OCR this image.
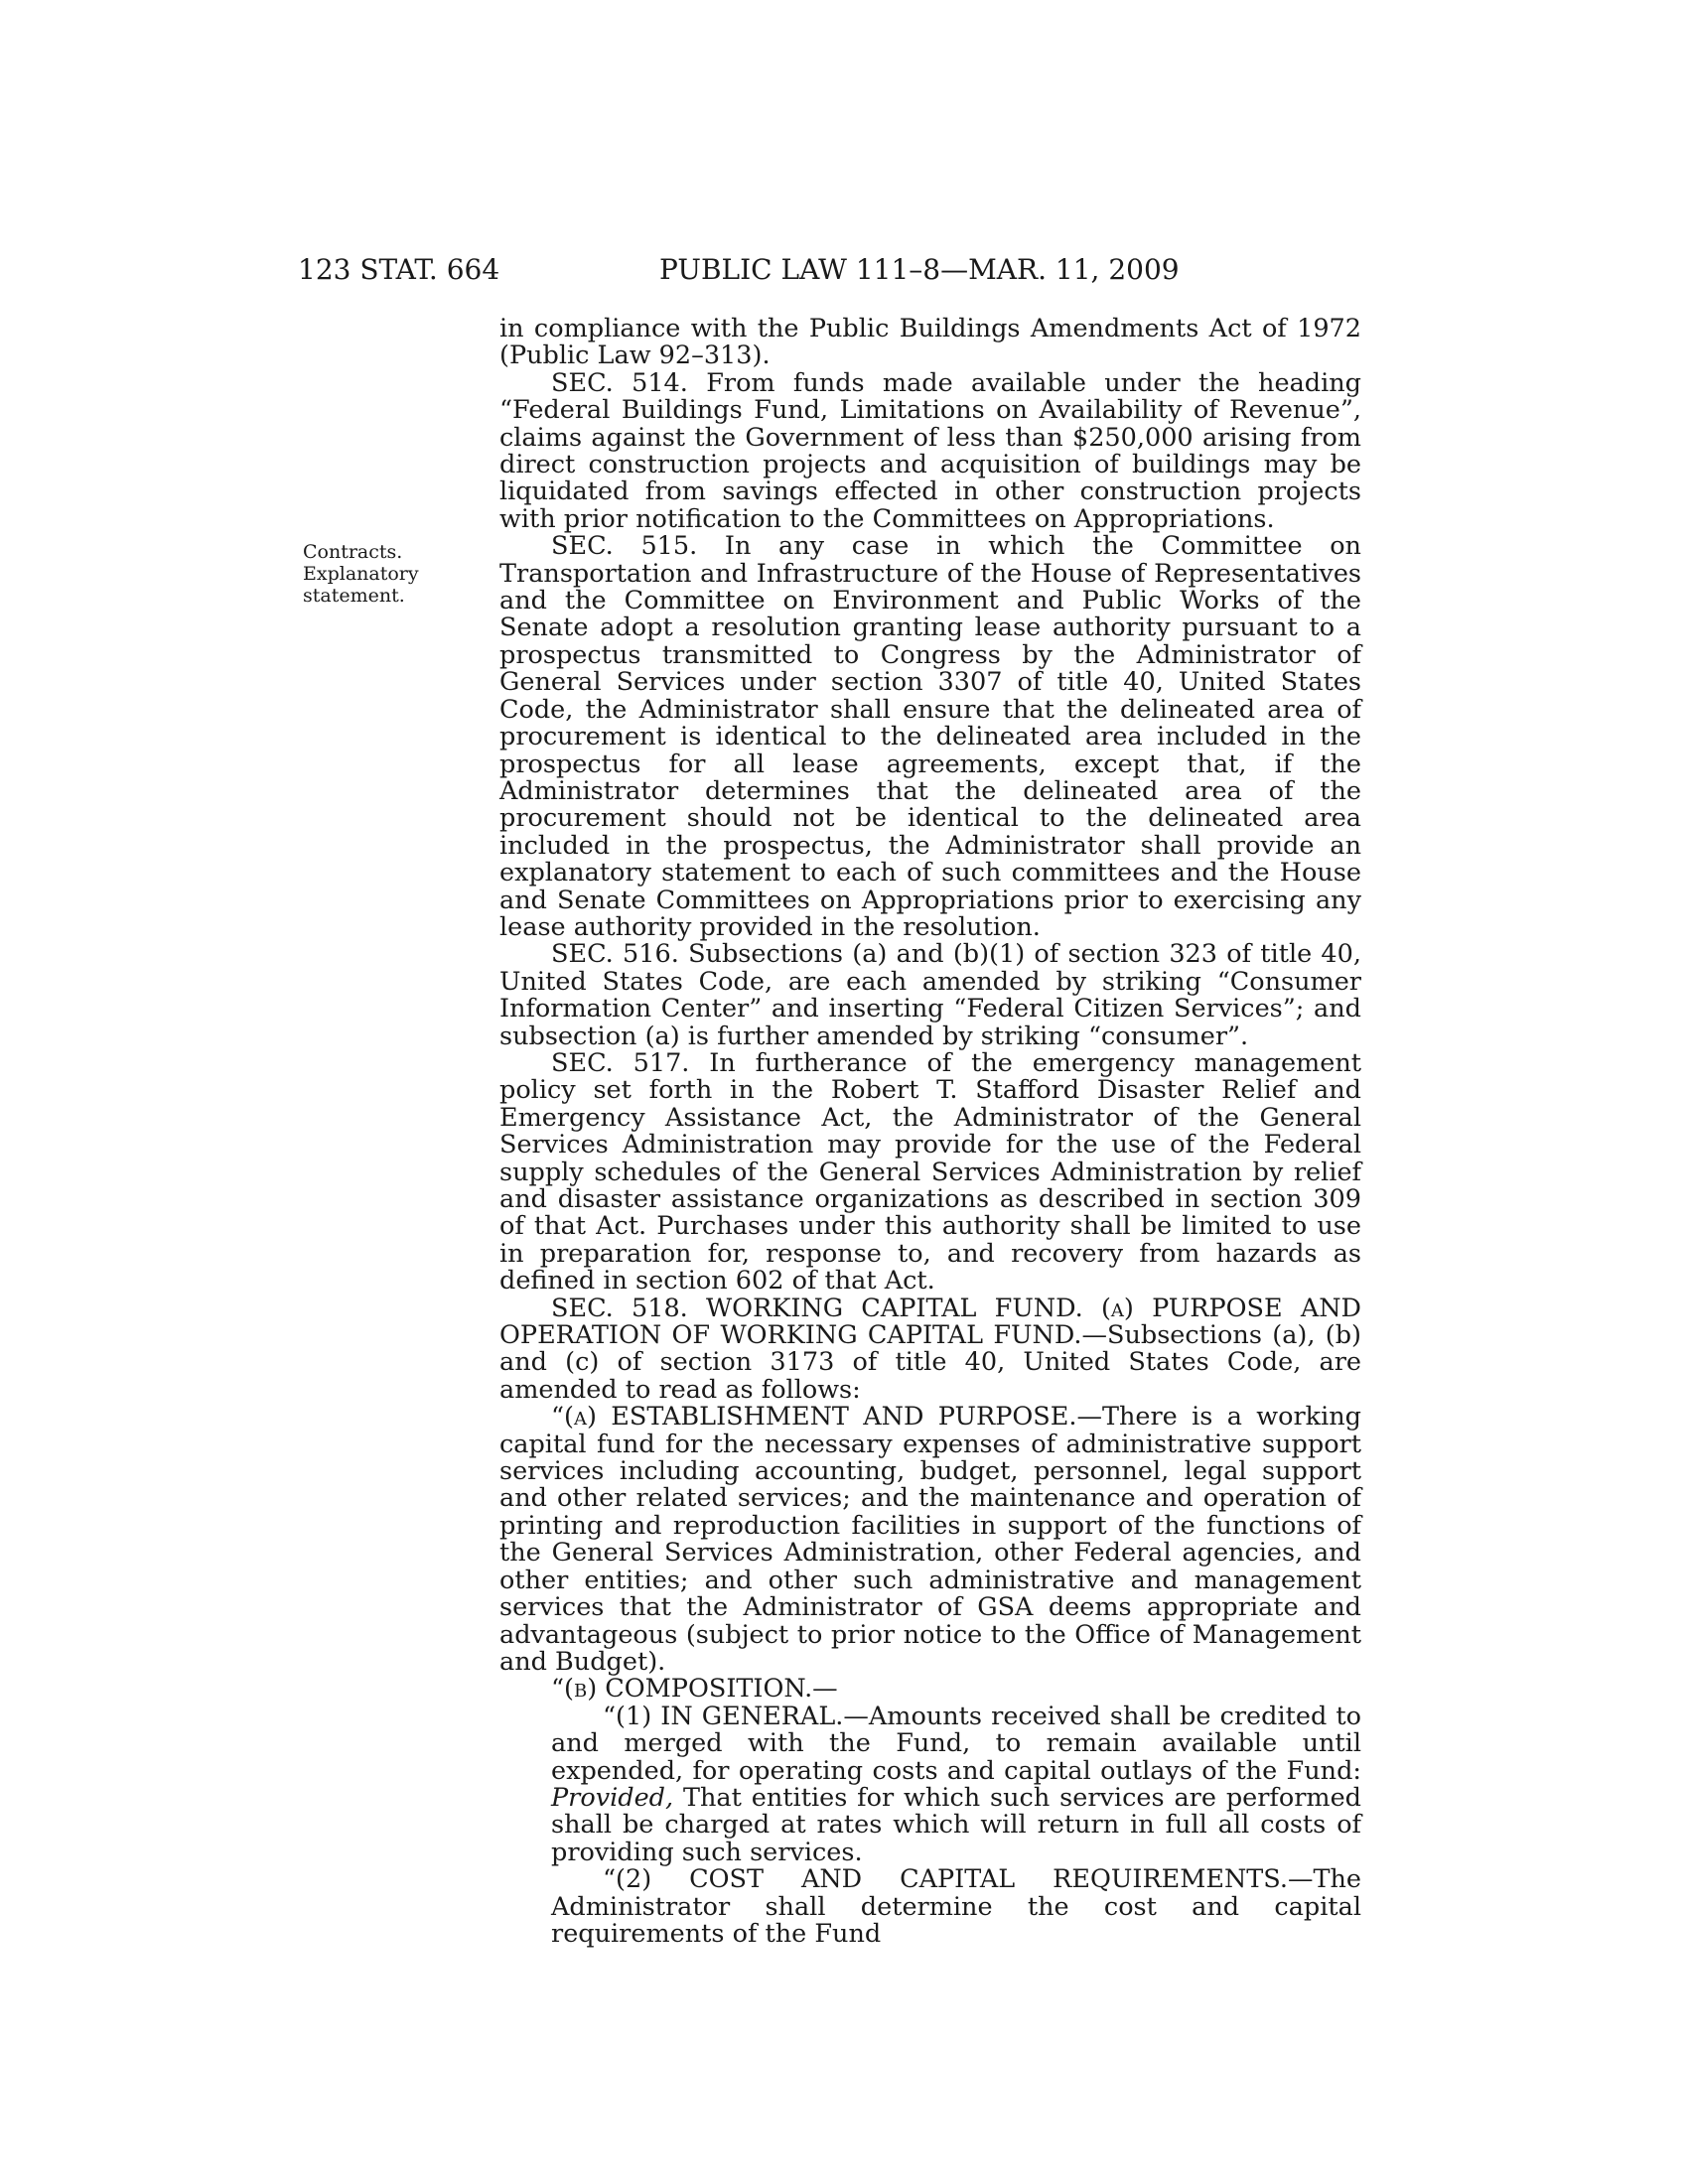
123 STAT. 664	PUBLIC LAW 111–8—MAR. 11, 2009
Contracts.
Explanatory
statement.

in compliance with the Public Buildings Amendments Act of 1972 (Public Law 92–313).

SEC. 514. From funds made available under the heading “Federal Buildings Fund, Limitations on Availability of Revenue”, claims against the Government of less than $250,000 arising from direct construction projects and acquisition of buildings may be liquidated from savings effected in other construction projects with prior notification to the Committees on Appropriations.

SEC. 515. In any case in which the Committee on Transportation and Infrastructure of the House of Representatives and the Committee on Environment and Public Works of the Senate adopt a resolution granting lease authority pursuant to a prospectus transmitted to Congress by the Administrator of General Services under section 3307 of title 40, United States Code, the Administrator shall ensure that the delineated area of procurement is identical to the delineated area included in the prospectus for all lease agreements, except that, if the Administrator determines that the delineated area of the procurement should not be identical to the delineated area included in the prospectus, the Administrator shall provide an explanatory statement to each of such committees and the House and Senate Committees on Appropriations prior to exercising any lease authority provided in the resolution.

SEC. 516. Subsections (a) and (b)(1) of section 323 of title 40, United States Code, are each amended by striking “Consumer Information Center” and inserting “Federal Citizen Services”; and subsection (a) is further amended by striking “consumer”.

SEC. 517. In furtherance of the emergency management policy set forth in the Robert T. Stafford Disaster Relief and Emergency Assistance Act, the Administrator of the General Services Administration may provide for the use of the Federal supply schedules of the General Services Administration by relief and disaster assistance organizations as described in section 309 of that Act. Purchases under this authority shall be limited to use in preparation for, response to, and recovery from hazards as defined in section 602 of that Act.

SEC. 518. WORKING CAPITAL FUND. (a) PURPOSE AND OPERATION OF WORKING CAPITAL FUND.—Subsections (a), (b) and (c) of section 3173 of title 40, United States Code, are amended to read as follows:

“(a) ESTABLISHMENT AND PURPOSE.—There is a working capital fund for the necessary expenses of administrative support services including accounting, budget, personnel, legal support and other related services; and the maintenance and operation of printing and reproduction facilities in support of the functions of the General Services Administration, other Federal agencies, and other entities; and other such administrative and management services that the Administrator of GSA deems appropriate and advantageous (subject to prior notice to the Office of Management and Budget).

“(b) COMPOSITION.—

“(1) IN GENERAL.—Amounts received shall be credited to and merged with the Fund, to remain available until expended, for operating costs and capital outlays of the Fund: Provided, That entities for which such services are performed shall be charged at rates which will return in full all costs of providing such services.

“(2) COST AND CAPITAL REQUIREMENTS.—The Administrator shall determine the cost and capital requirements of the Fund
